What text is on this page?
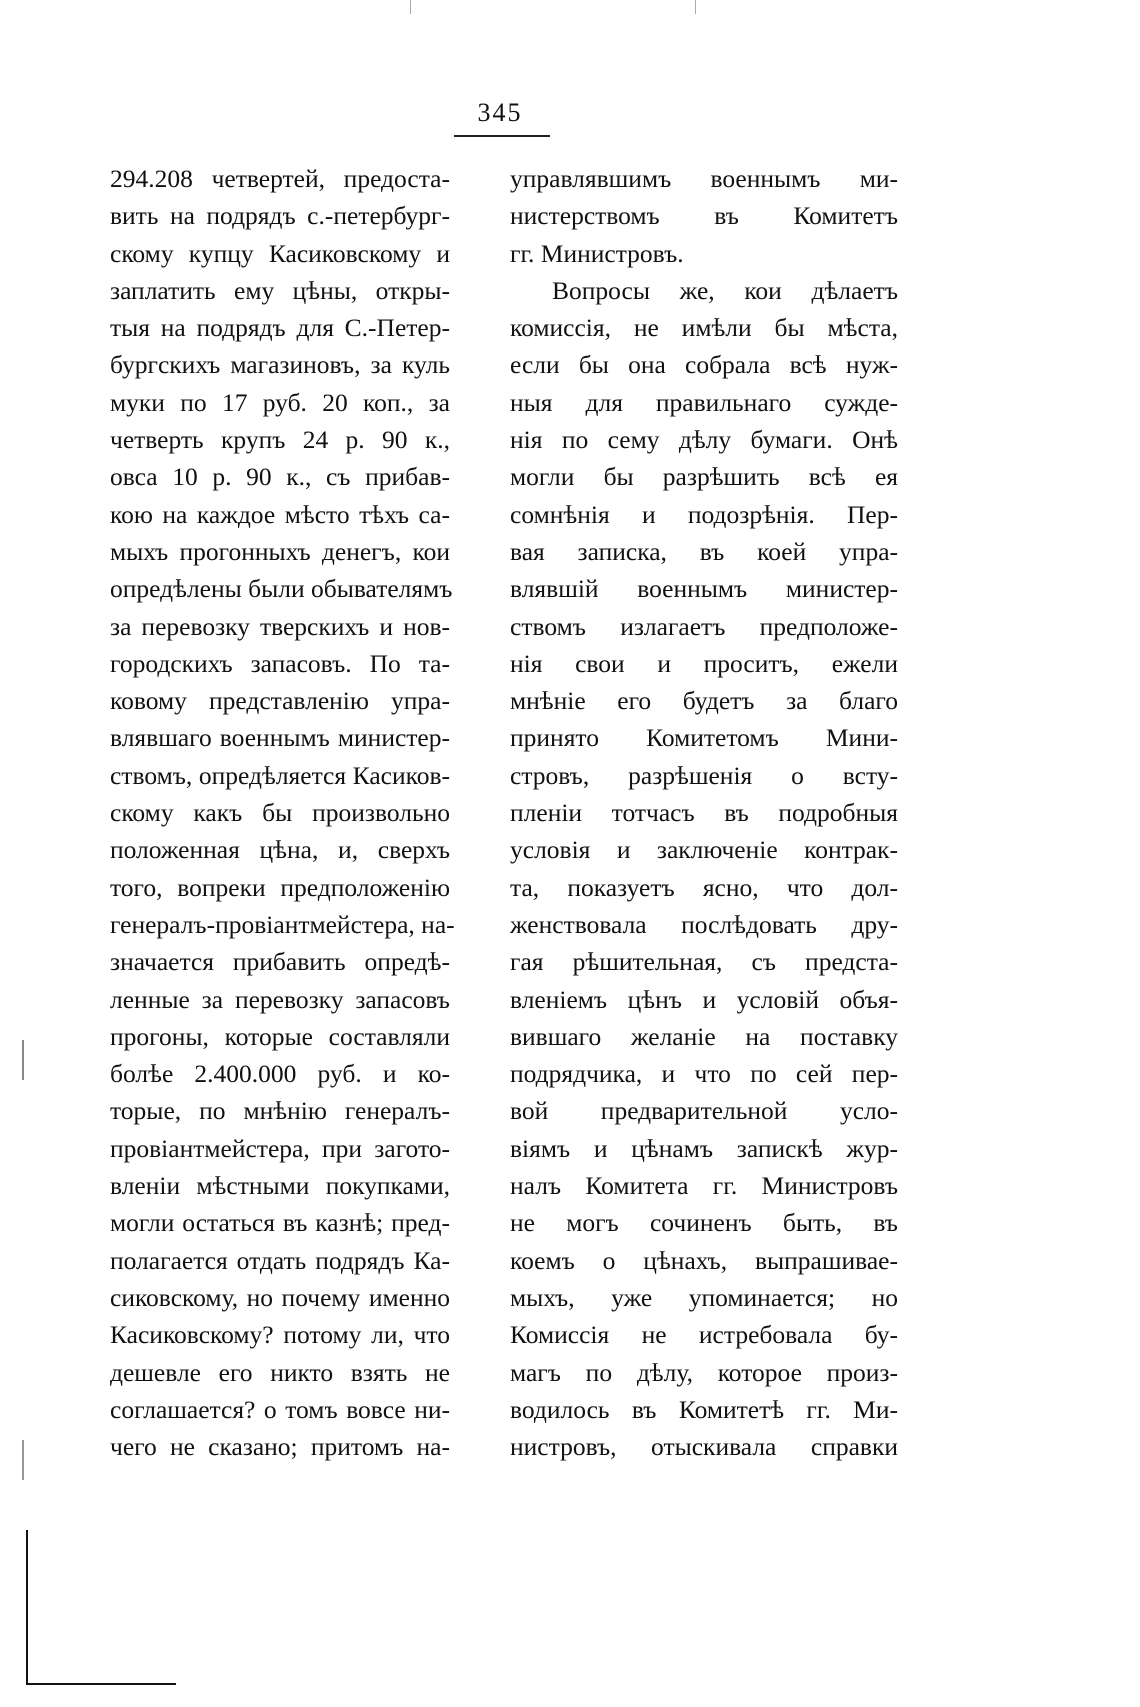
345
294.208 четвертей, предоста-
вить на подрядъ с.-петербург-
скому купцу Касиковскому и
заплатить ему цѣны, откры-
тыя на подрядъ для С.-Петер-
бургскихъ магазиновъ, за куль
муки по 17 руб. 20 коп., за
четверть крупъ 24 р. 90 к.,
овса 10 р. 90 к., съ прибав-
кою на каждое мѣсто тѣхъ са-
мыхъ прогонныхъ денегъ, кои
опредѣлены были обывателямъ
за перевозку тверскихъ и нов-
городскихъ запасовъ. По та-
ковому представленію упра-
влявшаго военнымъ министер-
ствомъ, опредѣляется Касиков-
скому какъ бы произвольно
положенная цѣна, и, сверхъ
того, вопреки предположенію
генералъ-провіантмейстера, на-
значается прибавить опредѣ-
ленные за перевозку запасовъ
прогоны, которые составляли
болѣе 2.400.000 руб. и ко-
торые, по мнѣнію генералъ-
провіантмейстера, при загото-
вленіи мѣстными покупками,
могли остаться въ казнѣ; пред-
полагается отдать подрядъ Ка-
сиковскому, но почему именно
Касиковскому? потому ли, что
дешевле его никто взять не
соглашается? о томъ вовсе ни-
чего не сказано; притомъ на-
управлявшимъ военнымъ ми-
нистерствомъ въ Комитетъ
гг. Министровъ.
Вопросы же, кои дѣлаетъ
комиссія, не имѣли бы мѣста,
если бы она собрала всѣ нуж-
ныя для правильнаго сужде-
нія по сему дѣлу бумаги. Онѣ
могли бы разрѣшить всѣ ея
сомнѣнія и подозрѣнія. Пер-
вая записка, въ коей упра-
влявшій военнымъ министер-
ствомъ излагаетъ предположе-
нія свои и проситъ, ежели
мнѣніе его будетъ за благо
принято Комитетомъ Мини-
стровъ, разрѣшенія о всту-
пленіи тотчасъ въ подробныя
условія и заключеніе контрак-
та, показуетъ ясно, что дол-
женствовала послѣдовать дру-
гая рѣшительная, съ предста-
вленіемъ цѣнъ и условій объя-
вившаго желаніе на поставку
подрядчика, и что по сей пер-
вой предварительной усло-
віямъ и цѣнамъ запискѣ жур-
налъ Комитета гг. Министровъ
не могъ сочиненъ быть, въ
коемъ о цѣнахъ, выпрашивае-
мыхъ, уже упоминается; но
Комиссія не истребовала бу-
магъ по дѣлу, которое произ-
водилось въ Комитетѣ гг. Ми-
нистровъ, отыскивала справки
